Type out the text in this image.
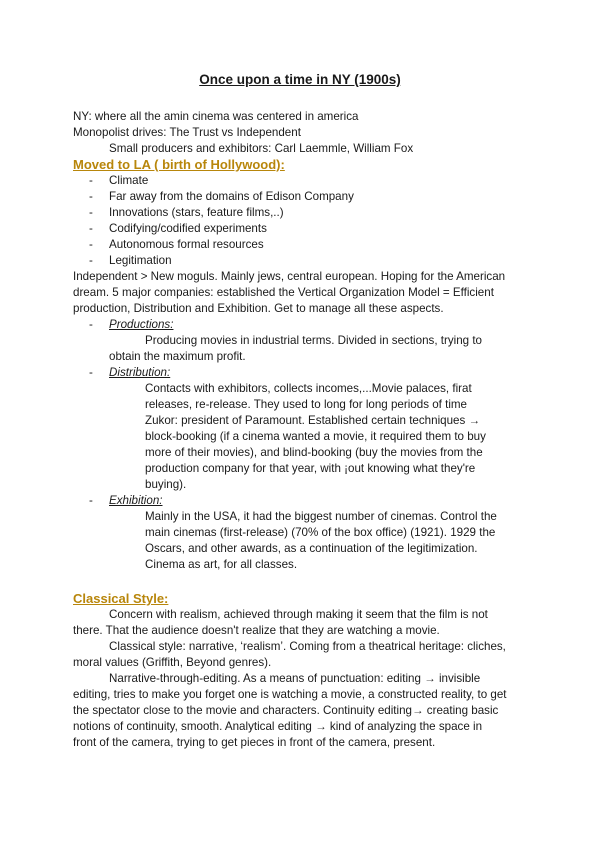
Once upon a time in NY (1900s)

NY: where all the amin cinema was centered in america

Monopolist drives: The Trust vs Independent

Small producers and exhibitors: Carl Laemmle, William Fox

Moved to LA ( birth of Hollywood):

- Climate
- Far away from the domains of Edison Company
- Innovations (stars, feature films,..)
- Codifying/codified experiments
- Autonomous formal resources
- Legitimation

Independent > New moguls. Mainly jews, central european. Hoping for the American

dream. 5 major companies: established the Vertical Organization Model = Efficient

production, Distribution and Exhibition. Get to manage all these aspects.

- Productions:
Producing movies in industrial terms. Divided in sections, trying to
obtain the maximum profit.
- Distribution:
Contacts with exhibitors, collects incomes,...Movie palaces, firat
releases, re-release. They used to long for long periods of time
Zukor: president of Paramount. Established certain techniques →
block-booking (if a cinema wanted a movie, it required them to buy
more of their movies), and blind-booking (buy the movies from the
production company for that year, with ¡out knowing what they're
buying).
- Exhibition:
Mainly in the USA, it had the biggest number of cinemas. Control the
main cinemas (first-release) (70% of the box office) (1921). 1929 the
Oscars, and other awards, as a continuation of the legitimization.
Cinema as art, for all classes.

Classical Style:

Concern with realism, achieved through making it seem that the film is not
there. That the audience doesn't realize that they are watching a movie.
Classical style: narrative, ‘realism’. Coming from a theatrical heritage: cliches,
moral values (Griffith, Beyond genres).
Narrative-through-editing. As a means of punctuation: editing → invisible
editing, tries to make you forget one is watching a movie, a constructed reality, to get
the spectator close to the movie and characters. Continuity editing→ creating basic
notions of continuity, smooth. Analytical editing → kind of analyzing the space in
front of the camera, trying to get pieces in front of the camera, present.
